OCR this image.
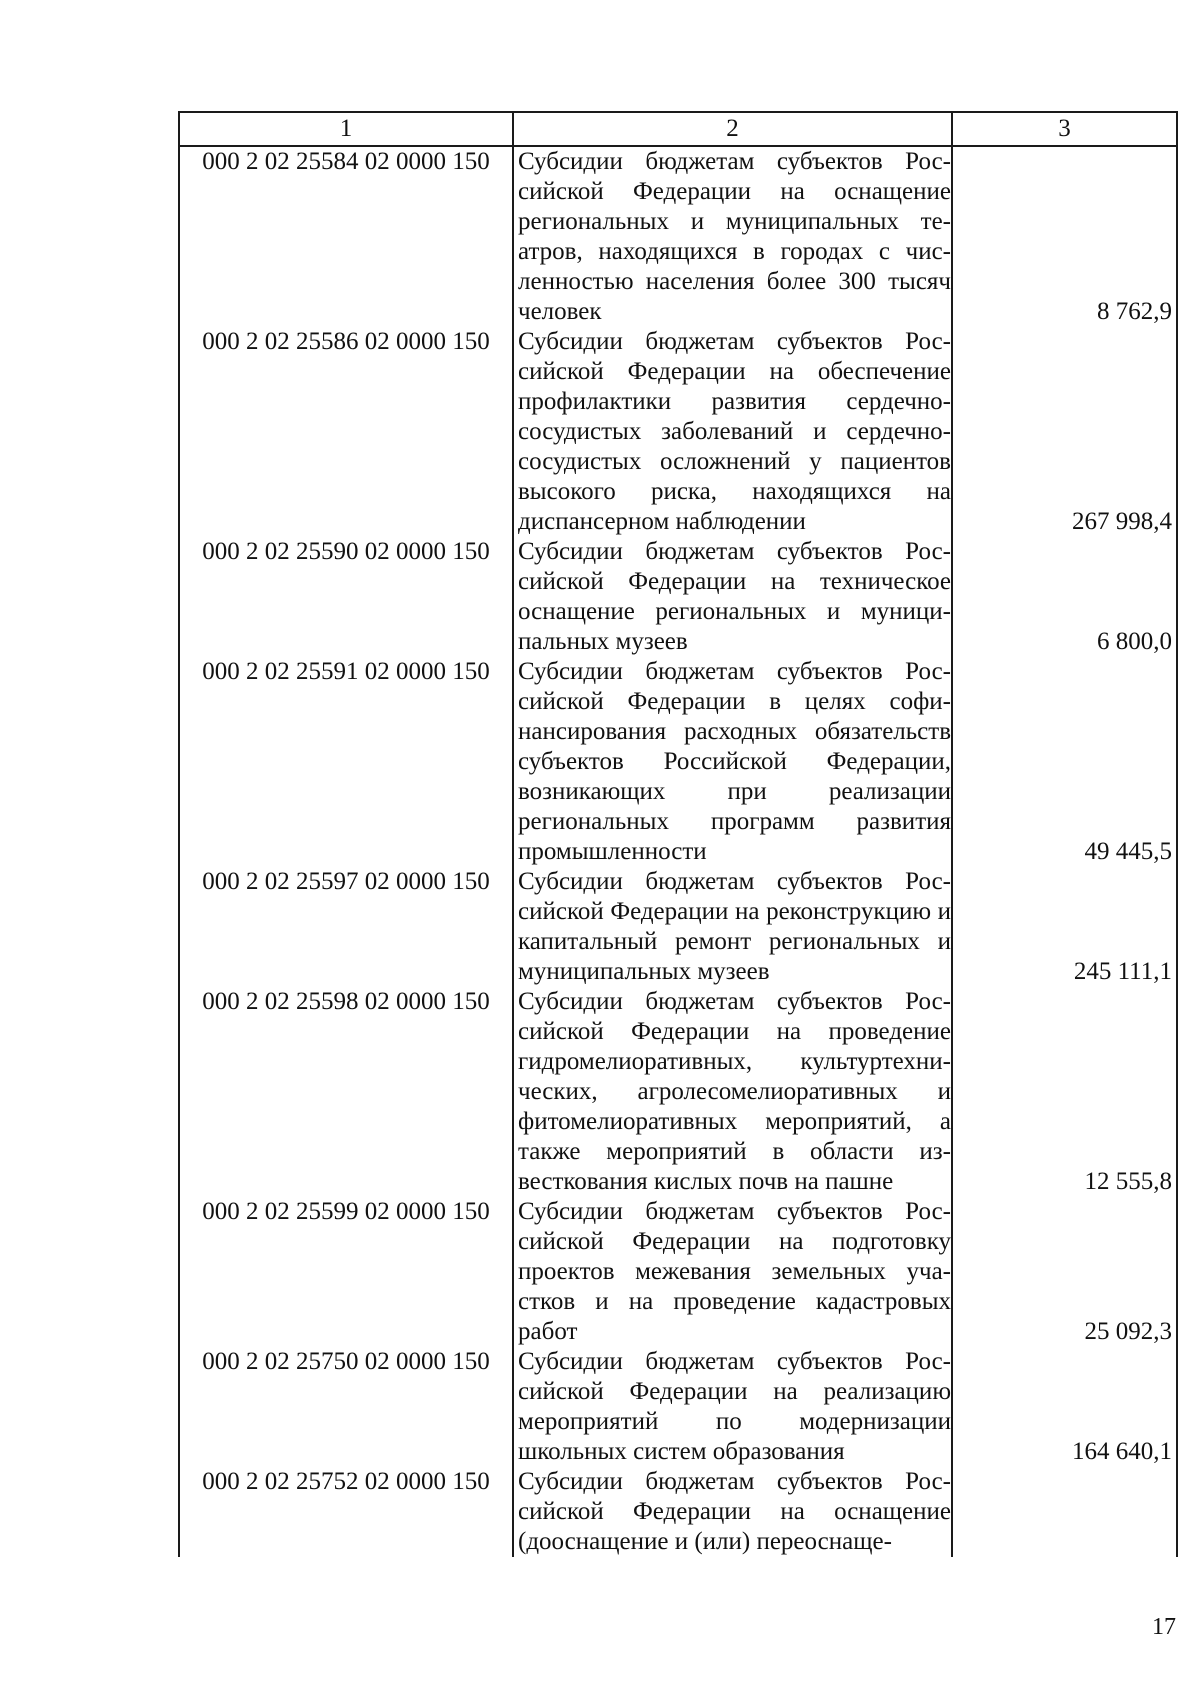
1	2	3
000 2 02 25584 02 0000 150	Субсидии бюджетам субъектов Российской Федерации на оснащение региональных и муниципальных театров, находящихся в городах с численностью населения более 300 тысяч человек	8 762,9
000 2 02 25586 02 0000 150	Субсидии бюджетам субъектов Российской Федерации на обеспечение профилактики развития сердечно-сосудистых заболеваний и сердечно-сосудистых осложнений у пациентов высокого риска, находящихся на диспансерном наблюдении	267 998,4
000 2 02 25590 02 0000 150	Субсидии бюджетам субъектов Российской Федерации на техническое оснащение региональных и муниципальных музеев	6 800,0
000 2 02 25591 02 0000 150	Субсидии бюджетам субъектов Российской Федерации в целях софинансирования расходных обязательств субъектов Российской Федерации, возникающих при реализации региональных программ развития промышленности	49 445,5
000 2 02 25597 02 0000 150	Субсидии бюджетам субъектов Российской Федерации на реконструкцию и капитальный ремонт региональных и муниципальных музеев	245 111,1
000 2 02 25598 02 0000 150	Субсидии бюджетам субъектов Российской Федерации на проведение гидромелиоративных, культуртехнических, агролесомелиоративных и фитомелиоративных мероприятий, а также мероприятий в области известкования кислых почв на пашне	12 555,8
000 2 02 25599 02 0000 150	Субсидии бюджетам субъектов Российской Федерации на подготовку проектов межевания земельных участков и на проведение кадастровых работ	25 092,3
000 2 02 25750 02 0000 150	Субсидии бюджетам субъектов Российской Федерации на реализацию мероприятий по модернизации школьных систем образования	164 640,1
000 2 02 25752 02 0000 150	Субсидии бюджетам субъектов Российской Федерации на оснащение (дооснащение и (или) переоснаще-	
17
